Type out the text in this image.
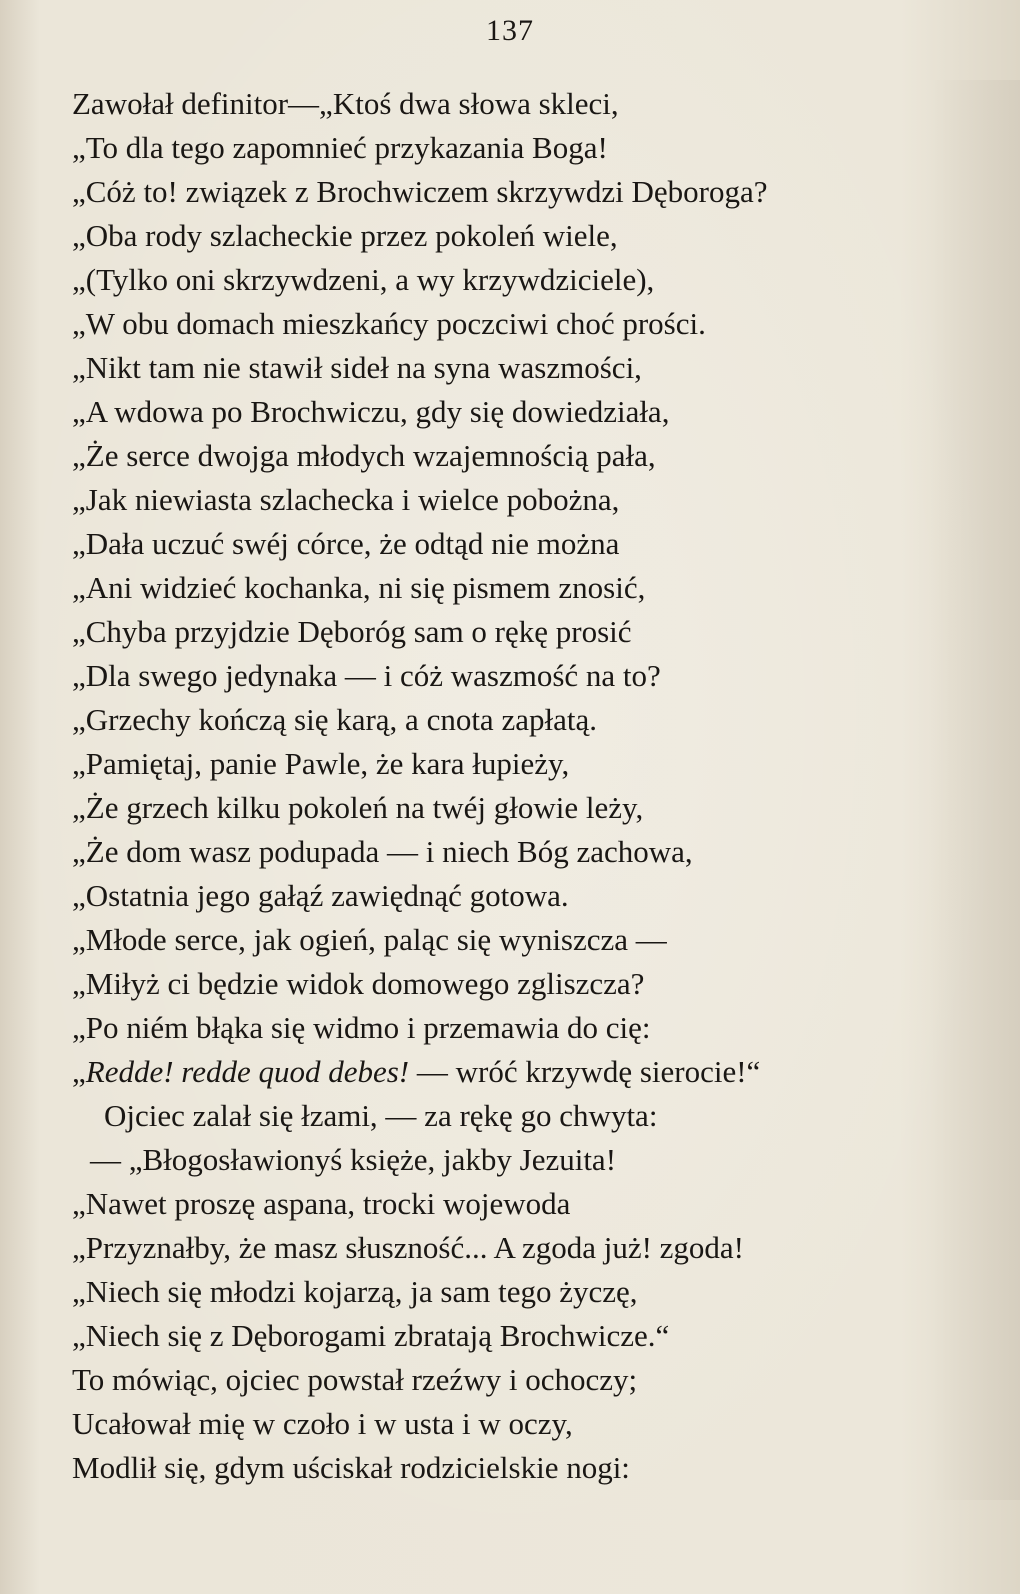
137
Zawołał definitor—„Ktoś dwa słowa skleci,
„To dla tego zapomnieć przykazania Boga!
„Cóż to! związek z Brochwiczem skrzywdzi Dęboroga?
„Oba rody szlacheckie przez pokoleń wiele,
„(Tylko oni skrzywdzeni, a wy krzywdziciele),
„W obu domach mieszkańcy poczciwi choć prości.
„Nikt tam nie stawił sideł na syna waszmości,
„A wdowa po Brochwiczu, gdy się dowiedziała,
„Że serce dwojga młodych wzajemnością pała,
„Jak niewiasta szlachecka i wielce pobożna,
„Dała uczuć swéj córce, że odtąd nie można
„Ani widzieć kochanka, ni się pismem znosić,
„Chyba przyjdzie Dęboróg sam o rękę prosić
„Dla swego jedynaka — i cóż waszmość na to?
„Grzechy kończą się karą, a cnota zapłatą.
„Pamiętaj, panie Pawle, że kara łupieży,
„Że grzech kilku pokoleń na twéj głowie leży,
„Że dom wasz podupada — i niech Bóg zachowa,
„Ostatnia jego gałąź zawiędnąć gotowa.
„Młode serce, jak ogień, paląc się wyniszcza —
„Miłyż ci będzie widok domowego zgliszcza?
„Po niém błąka się widmo i przemawia do cię:
„Redde! redde quod debes! — wróć krzywdę sierocie!“
Ojciec zalał się łzami, — za rękę go chwyta:
— „Błogosławionyś księże, jakby Jezuita!
„Nawet proszę aspana, trocki wojewoda
„Przyznałby, że masz słuszność... A zgoda już! zgoda!
„Niech się młodzi kojarzą, ja sam tego życzę,
„Niech się z Dęborogami zbratają Brochwicze.“
To mówiąc, ojciec powstał rzeźwy i ochoczy;
Ucałował mię w czoło i w usta i w oczy,
Modlił się, gdym uściskał rodzicielskie nogi:
